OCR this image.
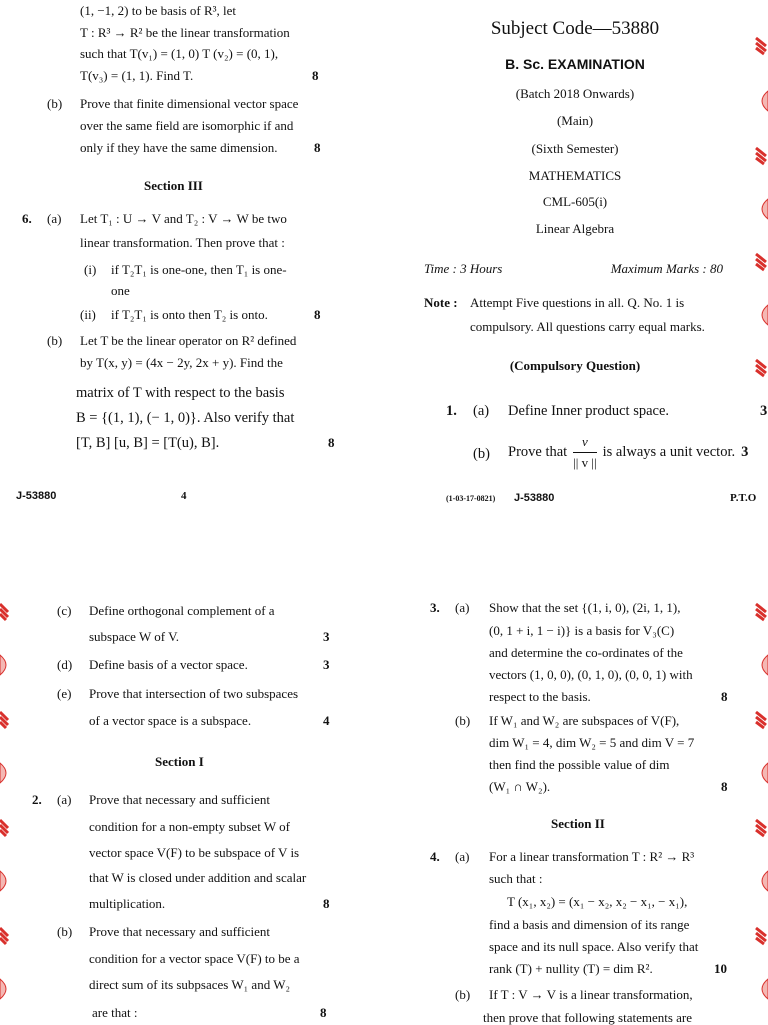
(1, −1, 2) to be basis of R³, let
T : R³ → R² be the linear transformation
such that T(v₁) = (1, 0) T (v₂) = (0, 1),
T(v₃) = (1, 1). Find T.	8
(b) Prove that finite dimensional vector space
over the same field are isomorphic if and
only if they have the same dimension.	8
Section III
6. (a) Let T₁ : U → V and T₂ : V → W be two
linear transformation. Then prove that :
(i) if T₂T₁ is one-one, then T₁ is one-
one
(ii) if T₂T₁ is onto then T₂ is onto.	8
(b) Let T be the linear operator on R² defined
by T(x, y) = (4x − 2y, 2x + y). Find the
matrix of T with respect to the basis
B = {(1, 1), (− 1, 0)}. Also verify that
[T, B] [u, B] = [T(u), B].	8
J-53880	4
Subject Code—53880
B. Sc. EXAMINATION
(Batch 2018 Onwards)
(Main)
(Sixth Semester)
MATHEMATICS
CML-605(i)
Linear Algebra
Time : 3 Hours	Maximum Marks : 80
Note : Attempt Five questions in all. Q. No. 1 is
compulsory. All questions carry equal marks.
(Compulsory Question)
1. (a) Define Inner product space.	3
(b) Prove that $\frac{v}{|| v ||}$ is always a unit vector. 3
(1-03-17-0821) J-53880	P.T.O
(c) Define orthogonal complement of a
subspace W of V.	3
(d) Define basis of a vector space.	3
(e) Prove that intersection of two subspaces
of a vector space is a subspace.	4
Section I
2. (a) Prove that necessary and sufficient
condition for a non-empty subset W of
vector space V(F) to be subspace of V is
that W is closed under addition and scalar
multiplication.	8
(b) Prove that necessary and sufficient
condition for a vector space V(F) to be a
direct sum of its subpsaces W₁ and W₂
are that :	8
3. (a) Show that the set {(1, i, 0), (2i, 1, 1),
(0, 1 + i, 1 − i)} is a basis for V₃(C)
and determine the co-ordinates of the
vectors (1, 0, 0), (0, 1, 0), (0, 0, 1) with
respect to the basis.	8
(b) If W₁ and W₂ are subspaces of V(F),
dim W₁ = 4, dim W₂ = 5 and dim V = 7
then find the possible value of dim
(W₁ ∩ W₂).	8
Section II
4. (a) For a linear transformation T : R² → R³
such that :
T (x₁, x₂) = (x₁ − x₂, x₂ − x₁, − x₁),
find a basis and dimension of its range
space and its null space. Also verify that
rank (T) + nullity (T) = dim R².	10
(b) If T : V → V is a linear transformation,
then prove that following statements are
